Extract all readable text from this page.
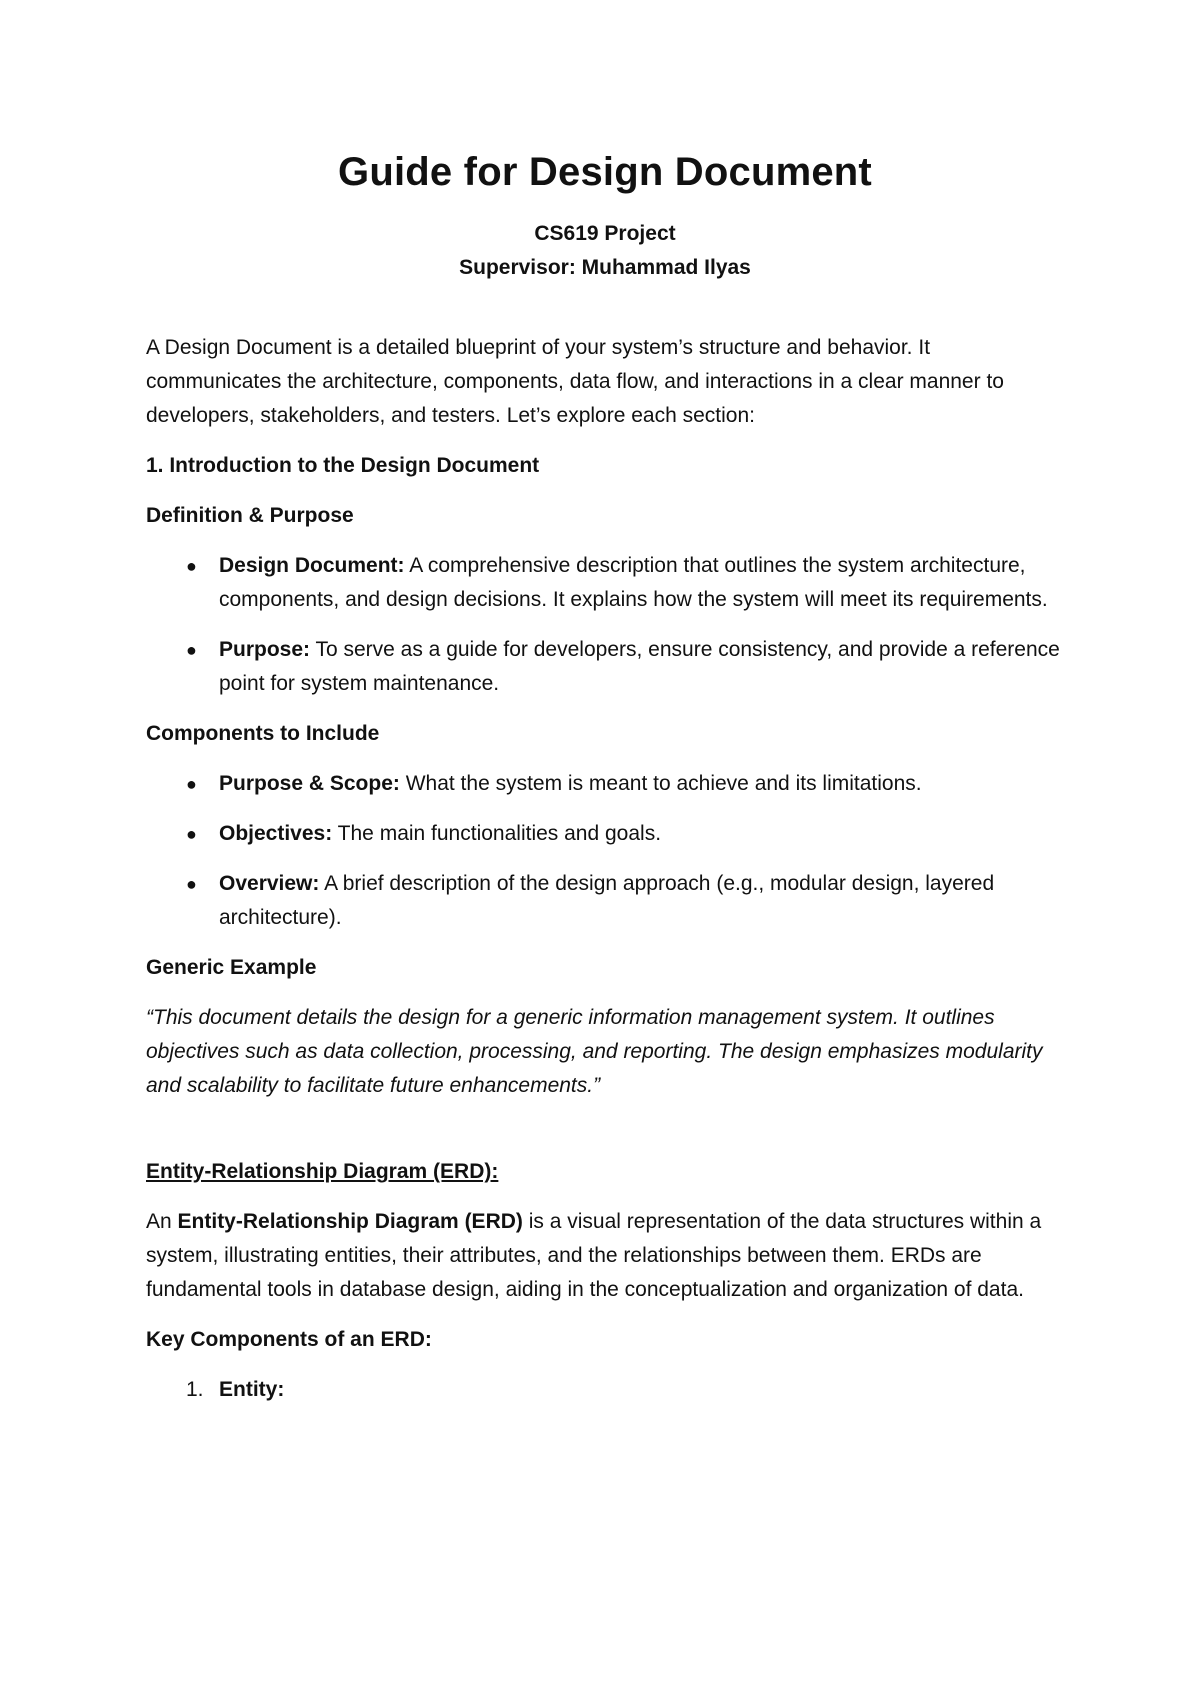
Guide for Design Document

CS619 Project

Supervisor: Muhammad Ilyas

A Design Document is a detailed blueprint of your system’s structure and behavior. It communicates the architecture, components, data flow, and interactions in a clear manner to developers, stakeholders, and testers. Let’s explore each section:

1. Introduction to the Design Document
Definition & Purpose
● Design Document: A comprehensive description that outlines the system architecture, components, and design decisions. It explains how the system will meet its requirements.
● Purpose: To serve as a guide for developers, ensure consistency, and provide a reference point for system maintenance.
Components to Include
● Purpose & Scope: What the system is meant to achieve and its limitations.
● Objectives: The main functionalities and goals.
● Overview: A brief description of the design approach (e.g., modular design, layered architecture).
Generic Example

“This document details the design for a generic information management system. It outlines objectives such as data collection, processing, and reporting. The design emphasizes modularity and scalability to facilitate future enhancements.”

Entity-Relationship Diagram (ERD):

An Entity-Relationship Diagram (ERD) is a visual representation of the data structures within a system, illustrating entities, their attributes, and the relationships between them. ERDs are fundamental tools in database design, aiding in the conceptualization and organization of data.

Key Components of an ERD:
1. Entity:
